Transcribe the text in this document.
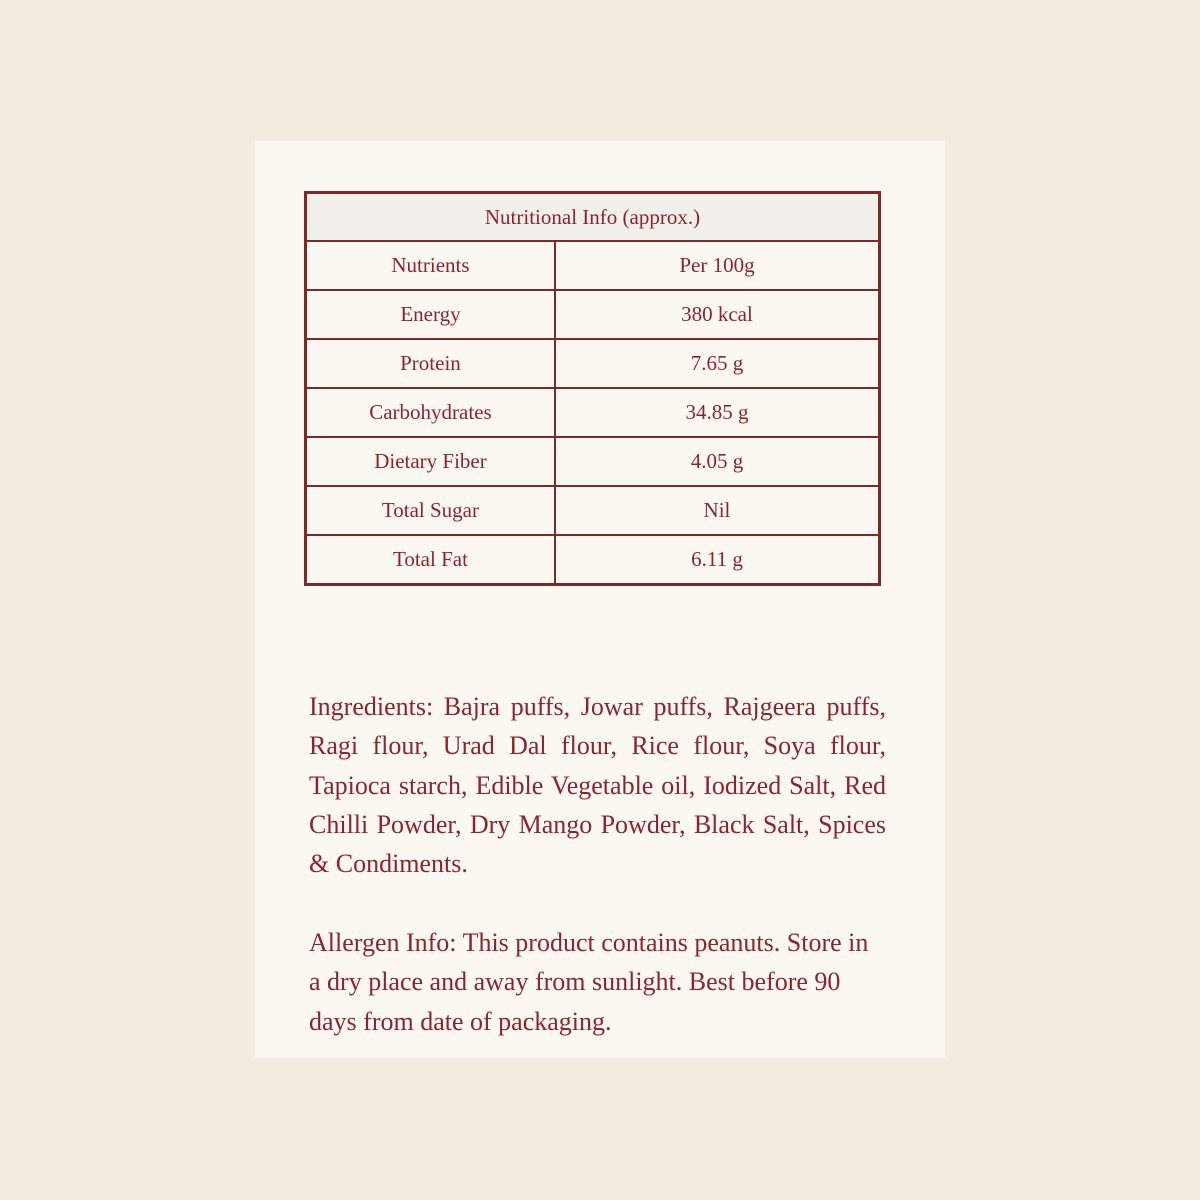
Nutritional Info (approx.)	
Nutrients	Per 100g
Energy	380 kcal
Protein	7.65 g
Carbohydrates	34.85 g
Dietary Fiber	4.05 g
Total Sugar	Nil
Total Fat	6.11 g

Ingredients: Bajra puffs, Jowar puffs, Rajgeera puffs, Ragi flour, Urad Dal flour, Rice flour, Soya flour, Tapioca starch, Edible Vegetable oil, Iodized Salt, Red Chilli Powder, Dry Mango Powder, Black Salt, Spices & Condiments.

Allergen Info: This product contains peanuts. Store in a dry place and away from sunlight. Best before 90 days from date of packaging.
